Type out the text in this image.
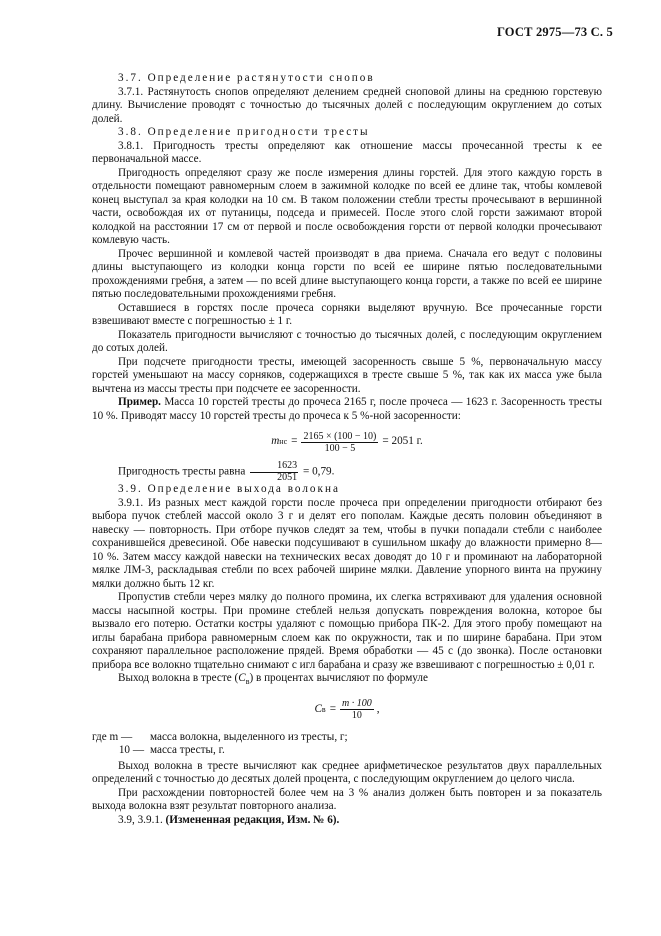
ГОСТ 2975—73 С. 5

3.7. Определение растянутости снопов

3.7.1. Растянутость снопов определяют делением средней сноповой длины на среднюю горстевую длину. Вычисление проводят с точностью до тысячных долей с последующим округлением до сотых долей.

3.8. Определение пригодности тресты

3.8.1. Пригодность тресты определяют как отношение массы прочесанной тресты к ее первоначальной массе.

Пригодность определяют сразу же после измерения длины горстей. Для этого каждую горсть в отдельности помещают равномерным слоем в зажимной колодке по всей ее длине так, чтобы комлевой конец выступал за края колодки на 10 см. В таком положении стебли тресты прочесывают в вершинной части, освобождая их от путаницы, подседа и примесей. После этого слой горсти зажимают второй колодкой на расстоянии 17 см от первой и после освобождения горсти от первой колодки прочесывают комлевую часть.

Прочес вершинной и комлевой частей производят в два приема. Сначала его ведут с половины длины выступающего из колодки конца горсти по всей ее ширине пятью последовательными прохождениями гребня, а затем — по всей длине выступающего конца горсти, а также по всей ее ширине пятью последовательными прохождениями гребня.

Оставшиеся в горстях после прочеса сорняки выделяют вручную. Все прочесанные горсти взвешивают вместе с погрешностью ± 1 г.

Показатель пригодности вычисляют с точностью до тысячных долей, с последующим округлением до сотых долей.

При подсчете пригодности тресты, имеющей засоренность свыше 5 %, первоначальную массу горстей уменьшают на массу сорняков, содержащихся в тресте свыше 5 %, так как их масса уже была вычтена из массы тресты при подсчете ее засоренности.

Пример. Масса 10 горстей тресты до прочеса 2165 г, после прочеса — 1623 г. Засоренность тресты 10 %. Приводят массу 10 горстей тресты до прочеса к 5 %-ной засоренности:

m нс = $\frac{2165 \times (100 - 10)}{100 - 5} = 2051$ г.

Пригодность тресты равна $\frac{1623}{2051} = 0,79$.

3.9. Определение выхода волокна

3.9.1. Из разных мест каждой горсти после прочеса при определении пригодности отбирают без выбора пучок стеблей массой около 3 г и делят его пополам. Каждые десять половин объединяют в навеску — повторность. При отборе пучков следят за тем, чтобы в пучки попадали стебли с наиболее сохранившейся древесиной. Обе навески подсушивают в сушильном шкафу до влажности примерно 8—10 %. Затем массу каждой навески на технических весах доводят до 10 г и проминают на лабораторной мялке ЛМ-3, раскладывая стебли по всех рабочей ширине мялки. Давление упорного винта на пружину мялки должно быть 12 кг.

Пропустив стебли через мялку до полного промина, их слегка встряхивают для удаления основной массы насыпной костры. При промине стеблей нельзя допускать повреждения волокна, которое бы вызвало его потерю. Остатки костры удаляют с помощью прибора ПК-2. Для этого пробу помещают на иглы барабана прибора равномерным слоем как по окружности, так и по ширине барабана. При этом сохраняют параллельное расположение прядей. Время обработки — 45 с (до звонка). После остановки прибора все волокно тщательно снимают с игл барабана и сразу же взвешивают с погрешностью ± 0,01 г.

Выход волокна в тресте $(C_в)$ в процентах вычисляют по формуле

C $в = \frac{m \cdot 100}{10}$ ,
где m —	масса волокна, выделенного из тресты, г;
10 — масса тресты, г.

Выход волокна в тресте вычисляют как среднее арифметическое результатов двух параллельных определений с точностью до десятых долей процента, с последующим округлением до целого числа.

При расхождении повторностей более чем на 3 % анализ должен быть повторен и за показатель выхода волокна взят результат повторного анализа.

3.9, 3.9.1. (Измененная редакция, Изм. № 6).
